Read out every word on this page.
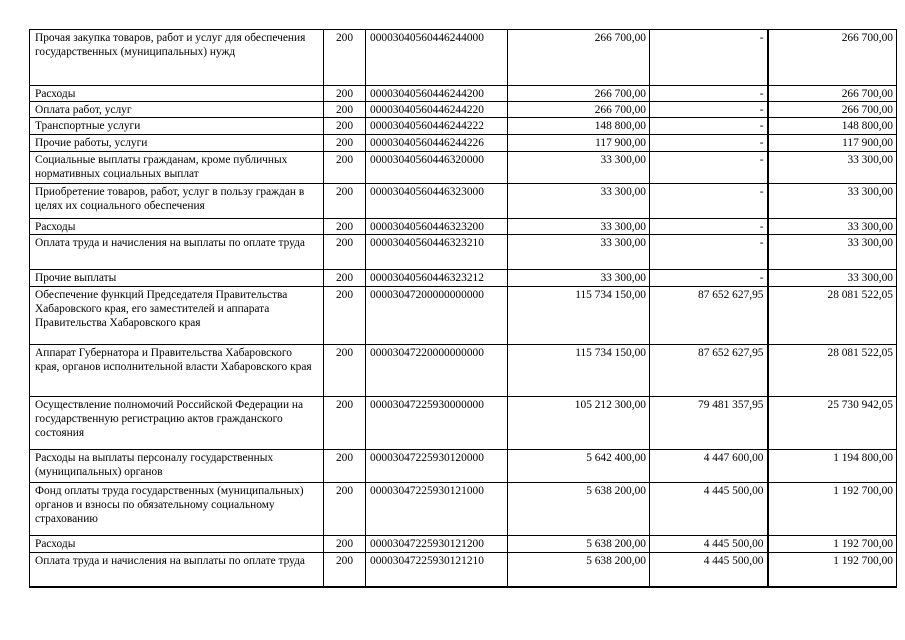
Прочая закупка товаров, работ и услуг для обеспечения государственных (муниципальных) нужд	200	00003040560446244000	266 700,00	-	266 700,00
Расходы	200	00003040560446244200	266 700,00	-	266 700,00
Оплата работ, услуг	200	00003040560446244220	266 700,00	-	266 700,00
Транспортные услуги	200	00003040560446244222	148 800,00	-	148 800,00
Прочие работы, услуги	200	00003040560446244226	117 900,00	-	117 900,00
Социальные выплаты гражданам, кроме публичных нормативных социальных выплат	200	00003040560446320000	33 300,00	-	33 300,00
Приобретение товаров, работ, услуг в пользу граждан в целях их социального обеспечения	200	00003040560446323000	33 300,00	-	33 300,00
Расходы	200	00003040560446323200	33 300,00	-	33 300,00
Оплата труда и начисления на выплаты по оплате труда	200	00003040560446323210	33 300,00	-	33 300,00
Прочие выплаты	200	00003040560446323212	33 300,00	-	33 300,00
Обеспечение функций Председателя Правительства Хабаровского края, его заместителей и аппарата Правительства Хабаровского края	200	00003047200000000000	115 734 150,00	87 652 627,95	28 081 522,05
Аппарат Губернатора и Правительства Хабаровского края, органов исполнительной власти Хабаровского края	200	00003047220000000000	115 734 150,00	87 652 627,95	28 081 522,05
Осуществление полномочий Российской Федерации на государственную регистрацию актов гражданского состояния	200	00003047225930000000	105 212 300,00	79 481 357,95	25 730 942,05
Расходы на выплаты персоналу государственных (муниципальных) органов	200	00003047225930120000	5 642 400,00	4 447 600,00	1 194 800,00
Фонд оплаты труда государственных (муниципальных) органов и взносы по обязательному социальному страхованию	200	00003047225930121000	5 638 200,00	4 445 500,00	1 192 700,00
Расходы	200	00003047225930121200	5 638 200,00	4 445 500,00	1 192 700,00
Оплата труда и начисления на выплаты по оплате труда	200	00003047225930121210	5 638 200,00	4 445 500,00	1 192 700,00
